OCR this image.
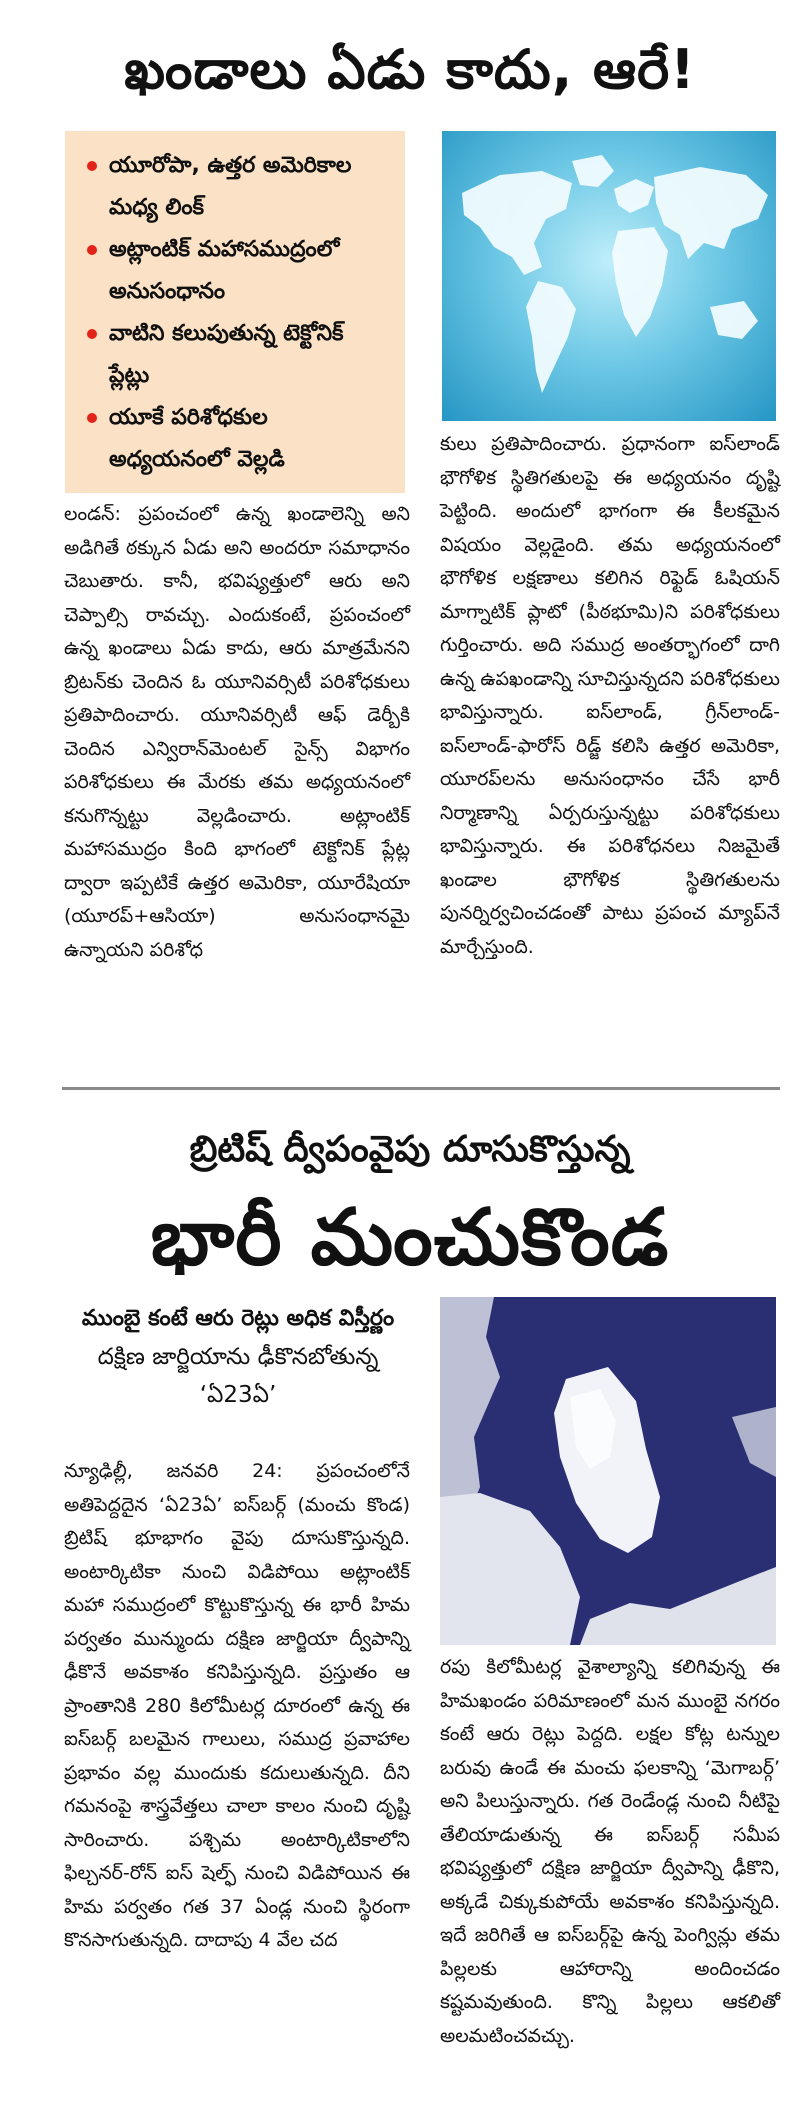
ఖండాలు ఏడు కాదు, ఆరే!
యూరోపా, ఉత్తర అమెరికాల మధ్య లింక్
అట్లాంటిక్ మహాసముద్రంలో అనుసంధానం
వాటిని కలుపుతున్న టెక్టోనిక్ ప్లేట్లు
యూకే పరిశోధకుల అధ్యయనంలో వెల్లడి

లండన్: ప్రపంచంలో ఉన్న ఖండాలెన్ని అని అడిగితే ఠక్కున ఏడు అని అందరూ సమాధానం చెబుతారు. కానీ, భవిష్యత్తులో ఆరు అని చెప్పాల్సి రావచ్చు. ఎందుకంటే, ప్రపంచంలో ఉన్న ఖండాలు ఏడు కాదు, ఆరు మాత్రమేనని బ్రిటన్‌కు చెందిన ఓ యూనివర్సిటీ పరిశోధకులు ప్రతిపాదించారు. యూనివర్సిటీ ఆఫ్ డెర్బీకి చెందిన ఎన్విరాన్‌మెంటల్ సైన్స్ విభాగం పరిశోధకులు ఈ మేరకు తమ అధ్యయనంలో కనుగొన్నట్టు వెల్లడించారు. అట్లాంటిక్ మహాసముద్రం కింది భాగంలో టెక్టోనిక్ ప్లేట్ల ద్వారా ఇప్పటికే ఉత్తర అమెరికా, యూరేషియా (యూరప్+ఆసియా) అనుసంధానమై ఉన్నాయని పరిశోధ

కులు ప్రతిపాదించారు. ప్రధానంగా ఐస్‌లాండ్ భౌగోళిక స్థితిగతులపై ఈ అధ్యయనం దృష్టి పెట్టింది. అందులో భాగంగా ఈ కీలకమైన విషయం వెల్లడైంది. తమ అధ్యయనంలో భౌగోళిక లక్షణాలు కలిగిన రిఫ్టెడ్ ఓషియన్ మాగ్నాటిక్ ప్లాటో (పీఠభూమి)ని పరిశోధకులు గుర్తించారు. అది సముద్ర అంతర్భాగంలో దాగి ఉన్న ఉపఖండాన్ని సూచిస్తున్నదని పరిశోధకులు భావిస్తున్నారు. ఐస్‌లాండ్, గ్రీన్‌లాండ్-ఐస్‌లాండ్-ఫారోస్ రిడ్జ్ కలిసి ఉత్తర అమెరికా, యూరప్‌లను అనుసంధానం చేసే భారీ నిర్మాణాన్ని ఏర్పరుస్తున్నట్టు పరిశోధకులు భావిస్తున్నారు. ఈ పరిశోధనలు నిజమైతే ఖండాల భౌగోళిక స్థితిగతులను పునర్నిర్వచించడంతో పాటు ప్రపంచ మ్యాప్‌నే మార్చేస్తుంది.

బ్రిటిష్ ద్వీపంవైపు దూసుకొస్తున్న
భారీ మంచుకొండ
ముంబై కంటే ఆరు రెట్లు అధిక విస్తీర్ణం
దక్షిణ జార్జియాను ఢీకొనబోతున్న ‘ఏ23ఏ’

న్యూఢిల్లీ, జనవరి 24: ప్రపంచంలోనే అతిపెద్దదైన ‘ఏ23ఏ’ ఐస్‌బర్గ్ (మంచు కొండ) బ్రిటిష్ భూభాగం వైపు దూసుకొస్తున్నది. అంటార్కిటికా నుంచి విడిపోయి అట్లాంటిక్ మహా సముద్రంలో కొట్టుకొస్తున్న ఈ భారీ హిమ పర్వతం మున్ముందు దక్షిణ జార్జియా ద్వీపాన్ని ఢీకొనే అవకాశం కనిపిస్తున్నది. ప్రస్తుతం ఆ ప్రాంతానికి 280 కిలోమీటర్ల దూరంలో ఉన్న ఈ ఐస్‌బర్గ్ బలమైన గాలులు, సముద్ర ప్రవాహాల ప్రభావం వల్ల ముందుకు కదులుతున్నది. దీని గమనంపై శాస్త్రవేత్తలు చాలా కాలం నుంచి దృష్టి సారించారు. పశ్చిమ అంటార్కిటికాలోని ఫిల్చనర్-రోన్ ఐస్ షెల్ఫ్ నుంచి విడిపోయిన ఈ హిమ పర్వతం గత 37 ఏండ్ల నుంచి స్థిరంగా కొనసాగుతున్నది. దాదాపు 4 వేల చద

రపు కిలోమీటర్ల వైశాల్యాన్ని కలిగివున్న ఈ హిమఖండం పరిమాణంలో మన ముంబై నగరం కంటే ఆరు రెట్లు పెద్దది. లక్షల కోట్ల టన్నుల బరువు ఉండే ఈ మంచు ఫలకాన్ని ‘మెగాబర్గ్’ అని పిలుస్తున్నారు. గత రెండేండ్ల నుంచి నీటిపై తేలియాడుతున్న ఈ ఐస్‌బర్గ్ సమీప భవిష్యత్తులో దక్షిణ జార్జియా ద్వీపాన్ని ఢీకొని, అక్కడే చిక్కుకుపోయే అవకాశం కనిపిస్తున్నది. ఇదే జరిగితే ఆ ఐస్‌బర్గ్‌పై ఉన్న పెంగ్విన్లు తమ పిల్లలకు ఆహారాన్ని అందించడం కష్టమవుతుంది. కొన్ని పిల్లలు ఆకలితో అలమటించవచ్చు.
